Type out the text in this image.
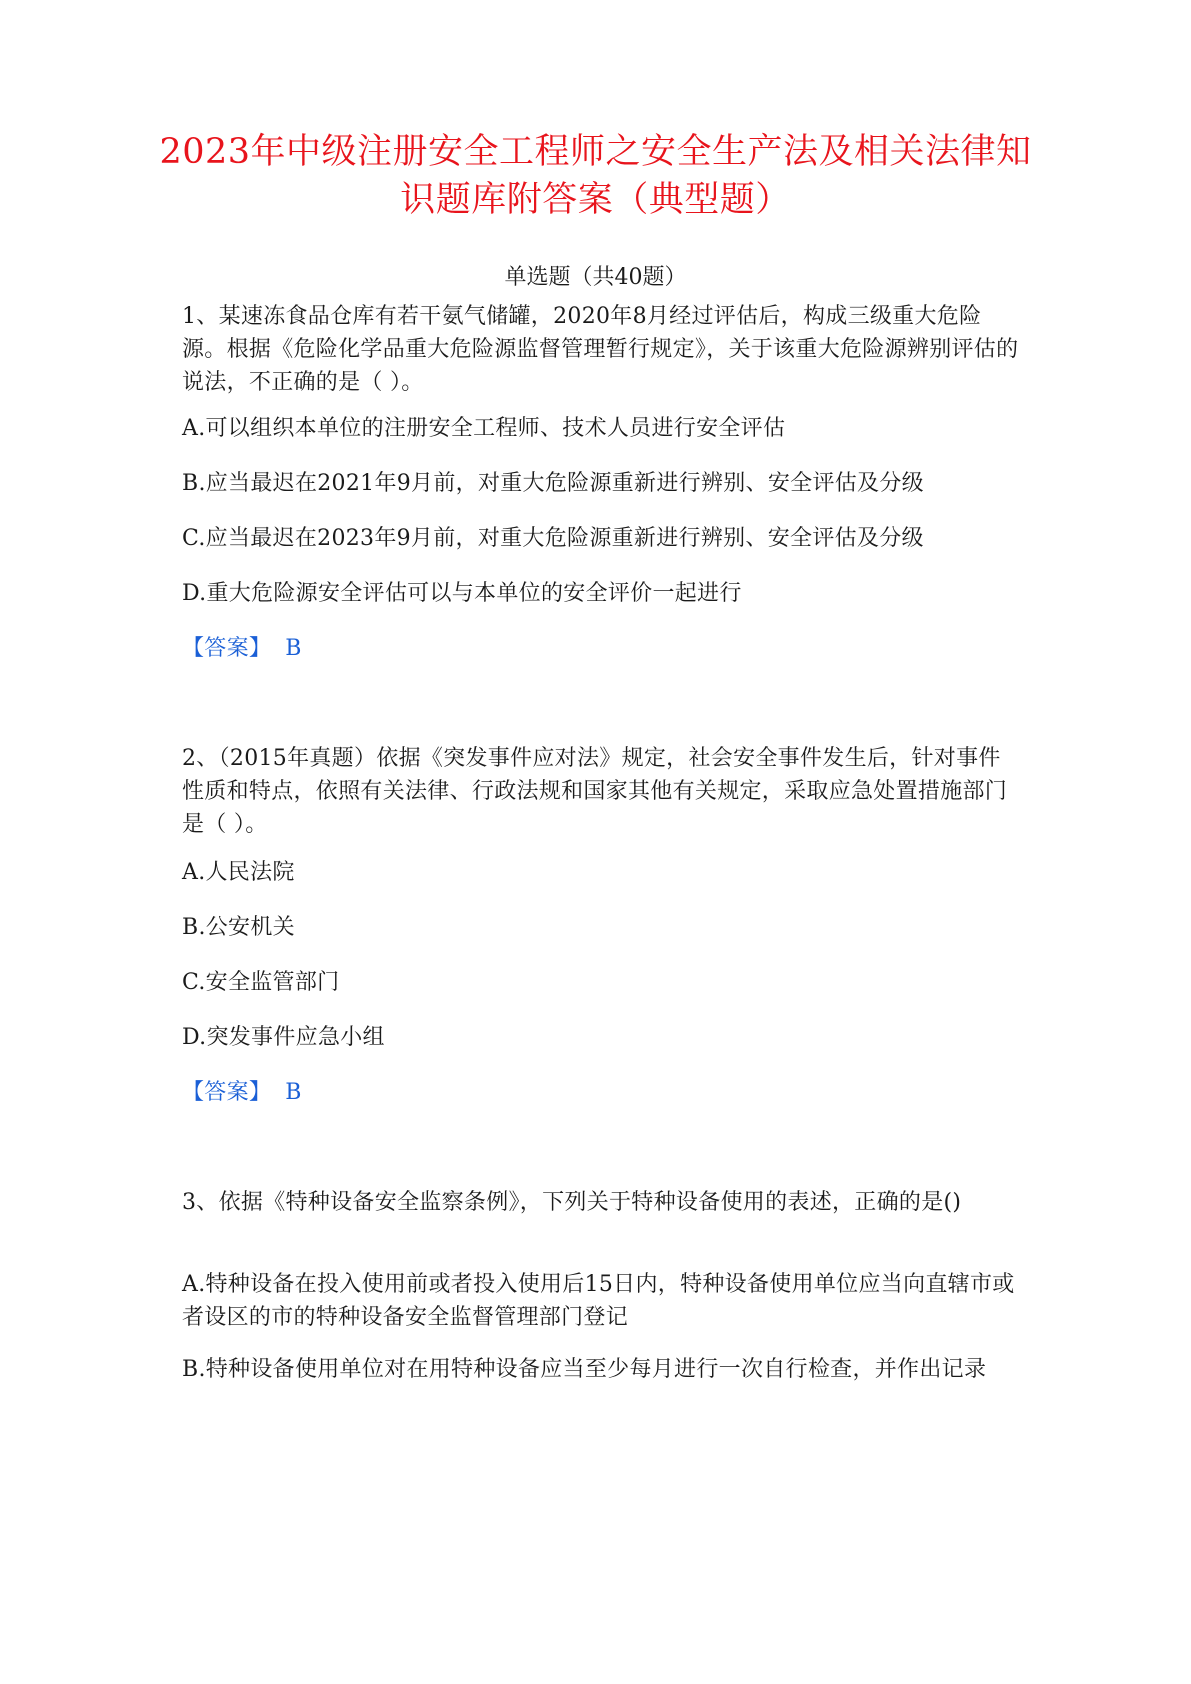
2023年中级注册安全工程师之安全生产法及相关法律知识题库附答案（典型题）
单选题（共40题）
1、某速冻食品仓库有若干氨气储罐，2020年8月经过评估后，构成三级重大危险源。根据《危险化学品重大危险源监督管理暂行规定》，关于该重大危险源辨别评估的说法，不正确的是（ ）。
A.可以组织本单位的注册安全工程师、技术人员进行安全评估
B.应当最迟在2021年9月前，对重大危险源重新进行辨别、安全评估及分级
C.应当最迟在2023年9月前，对重大危险源重新进行辨别、安全评估及分级
D.重大危险源安全评估可以与本单位的安全评价一起进行
【答案】 B
2、（2015年真题）依据《突发事件应对法》规定，社会安全事件发生后，针对事件性质和特点，依照有关法律、行政法规和国家其他有关规定，采取应急处置措施部门是（ ）。
A.人民法院
B.公安机关
C.安全监管部门
D.突发事件应急小组
【答案】 B
3、依据《特种设备安全监察条例》，下列关于特种设备使用的表述，正确的是()
A.特种设备在投入使用前或者投入使用后15日内，特种设备使用单位应当向直辖市或者设区的市的特种设备安全监督管理部门登记
B.特种设备使用单位对在用特种设备应当至少每月进行一次自行检查，并作出记录
